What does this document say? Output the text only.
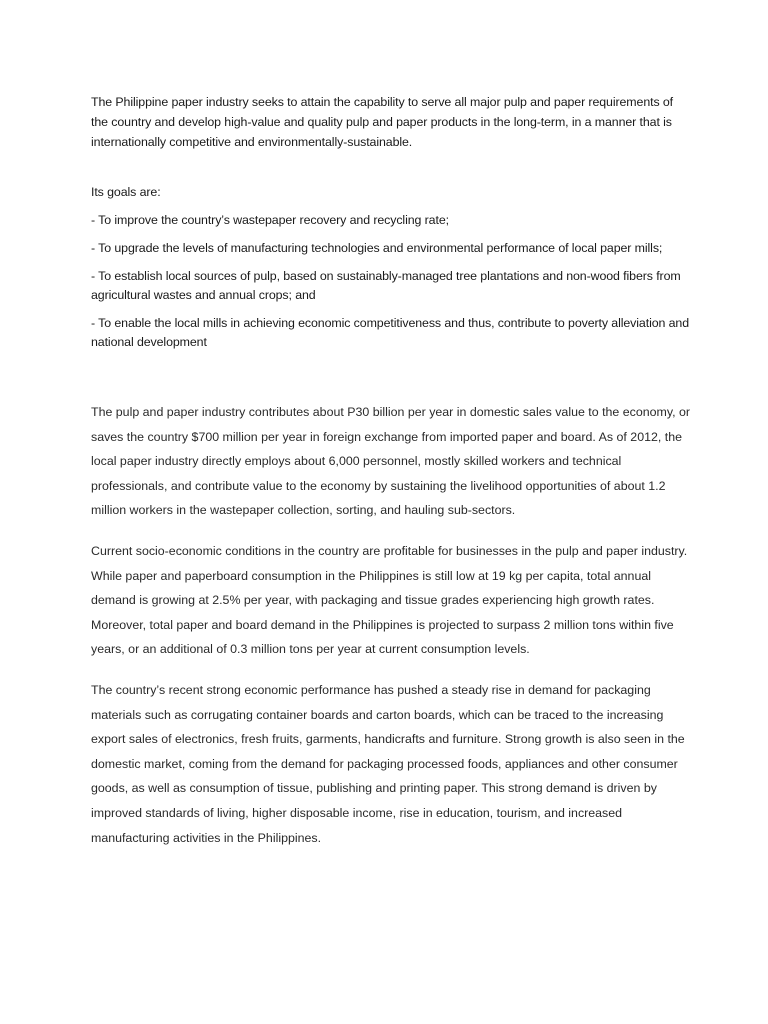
The Philippine paper industry seeks to attain the capability to serve all major pulp and paper requirements of the country and develop high-value and quality pulp and paper products in the long-term, in a manner that is internationally competitive and environmentally-sustainable.

Its goals are:

- To improve the country’s wastepaper recovery and recycling rate;

- To upgrade the levels of manufacturing technologies and environmental performance of local paper mills;

- To establish local sources of pulp, based on sustainably-managed tree plantations and non-wood fibers from agricultural wastes and annual crops; and

- To enable the local mills in achieving economic competitiveness and thus, contribute to poverty alleviation and national development

The pulp and paper industry contributes about P30 billion per year in domestic sales value to the economy, or saves the country $700 million per year in foreign exchange from imported paper and board. As of 2012, the local paper industry directly employs about 6,000 personnel, mostly skilled workers and technical professionals, and contribute value to the economy by sustaining the livelihood opportunities of about 1.2 million workers in the wastepaper collection, sorting, and hauling sub-sectors.

Current socio-economic conditions in the country are profitable for businesses in the pulp and paper industry. While paper and paperboard consumption in the Philippines is still low at 19 kg per capita, total annual demand is growing at 2.5% per year, with packaging and tissue grades experiencing high growth rates. Moreover, total paper and board demand in the Philippines is projected to surpass 2 million tons within five years, or an additional of 0.3 million tons per year at current consumption levels.

The country’s recent strong economic performance has pushed a steady rise in demand for packaging materials such as corrugating container boards and carton boards, which can be traced to the increasing export sales of electronics, fresh fruits, garments, handicrafts and furniture. Strong growth is also seen in the domestic market, coming from the demand for packaging processed foods, appliances and other consumer goods, as well as consumption of tissue, publishing and printing paper. This strong demand is driven by improved standards of living, higher disposable income, rise in education, tourism, and increased manufacturing activities in the Philippines.
